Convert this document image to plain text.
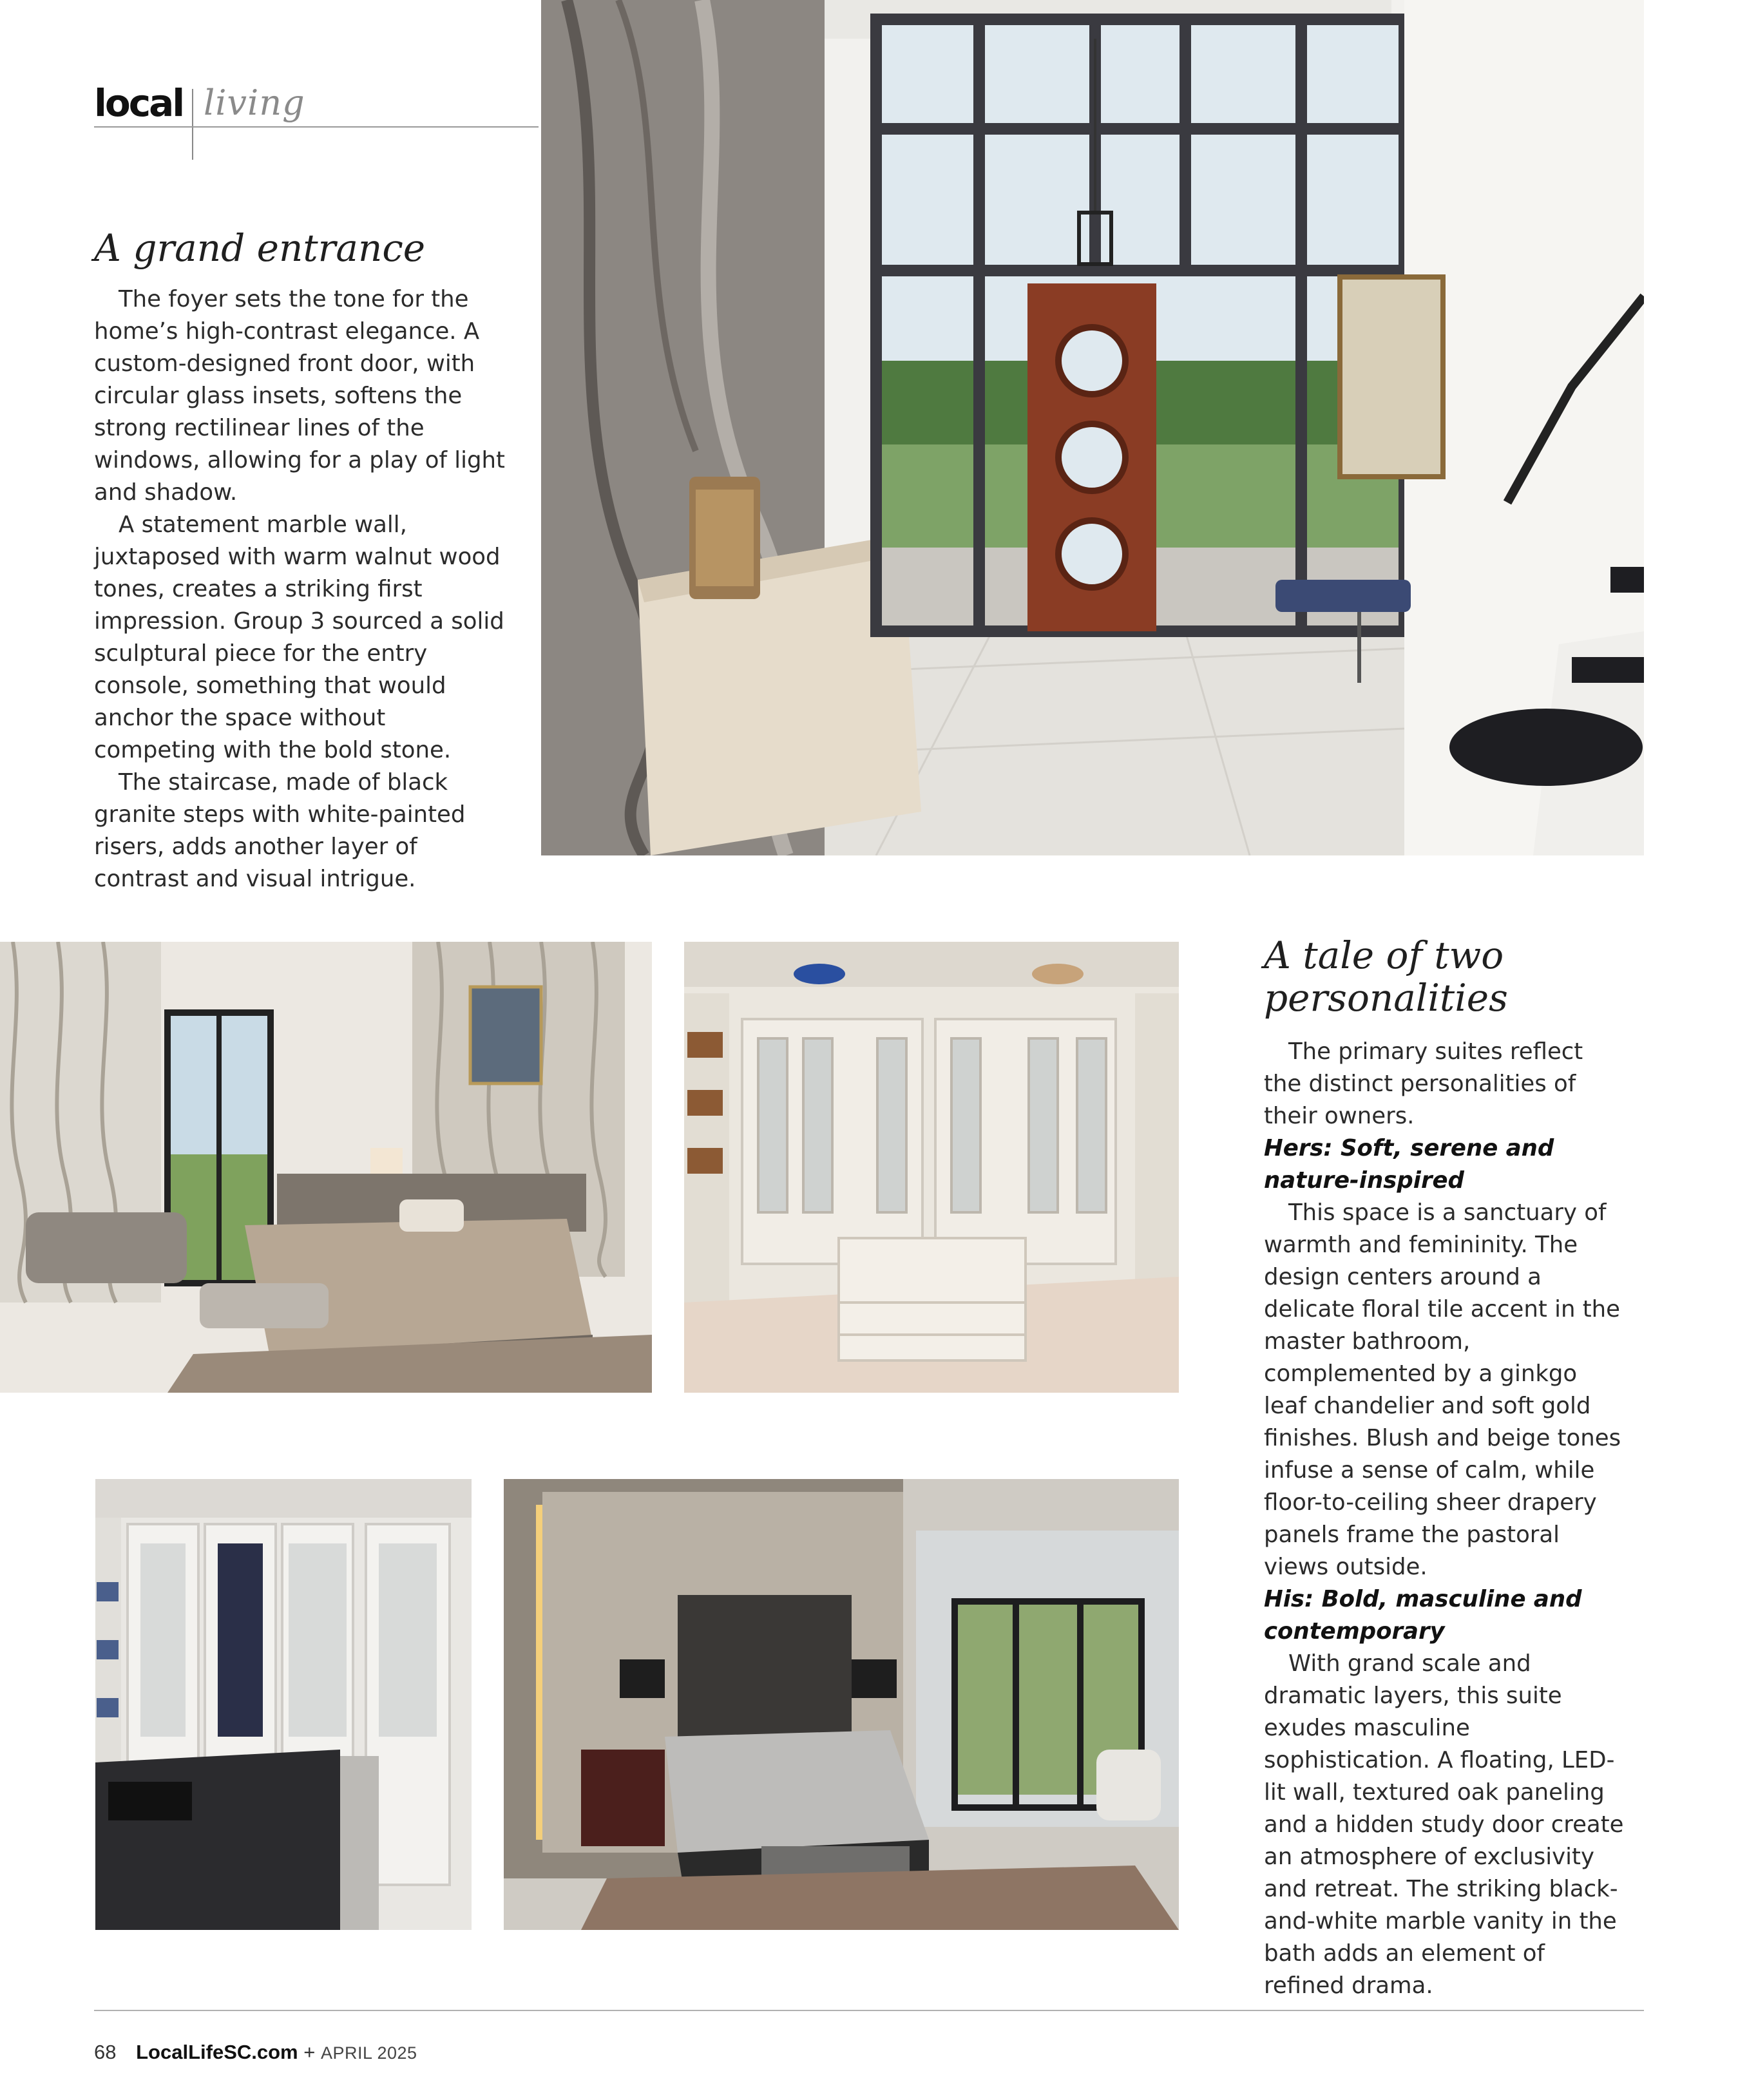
local living
A grand entrance

The foyer sets the tone for the home’s high-contrast elegance. A custom-designed front door, with circular glass insets, softens the strong rectilinear lines of the windows, allowing for a play of light and shadow.

A statement marble wall, juxtaposed with warm walnut wood tones, creates a striking first impression. Group 3 sourced a solid sculptural piece for the entry console, something that would anchor the space without competing with the bold stone.

The staircase, made of black granite steps with white-painted risers, adds another layer of contrast and visual intrigue.

A tale of two
personalities

The primary suites reflect the distinct personalities of their owners.

Hers: Soft, serene and nature-inspired

This space is a sanctuary of warmth and femininity. The design centers around a delicate floral tile accent in the master bathroom, complemented by a ginkgo leaf chandelier and soft gold finishes. Blush and beige tones infuse a sense of calm, while floor-to-ceiling sheer drapery panels frame the pastoral views outside.

His: Bold, masculine and contemporary

With grand scale and dramatic layers, this suite exudes masculine sophistication. A floating, LED-lit wall, textured oak paneling and a hidden study door create an atmosphere of exclusivity and retreat. The striking black-and-white marble vanity in the bath adds an element of refined drama.

68 LocalLifeSC.com + APRIL 2025
